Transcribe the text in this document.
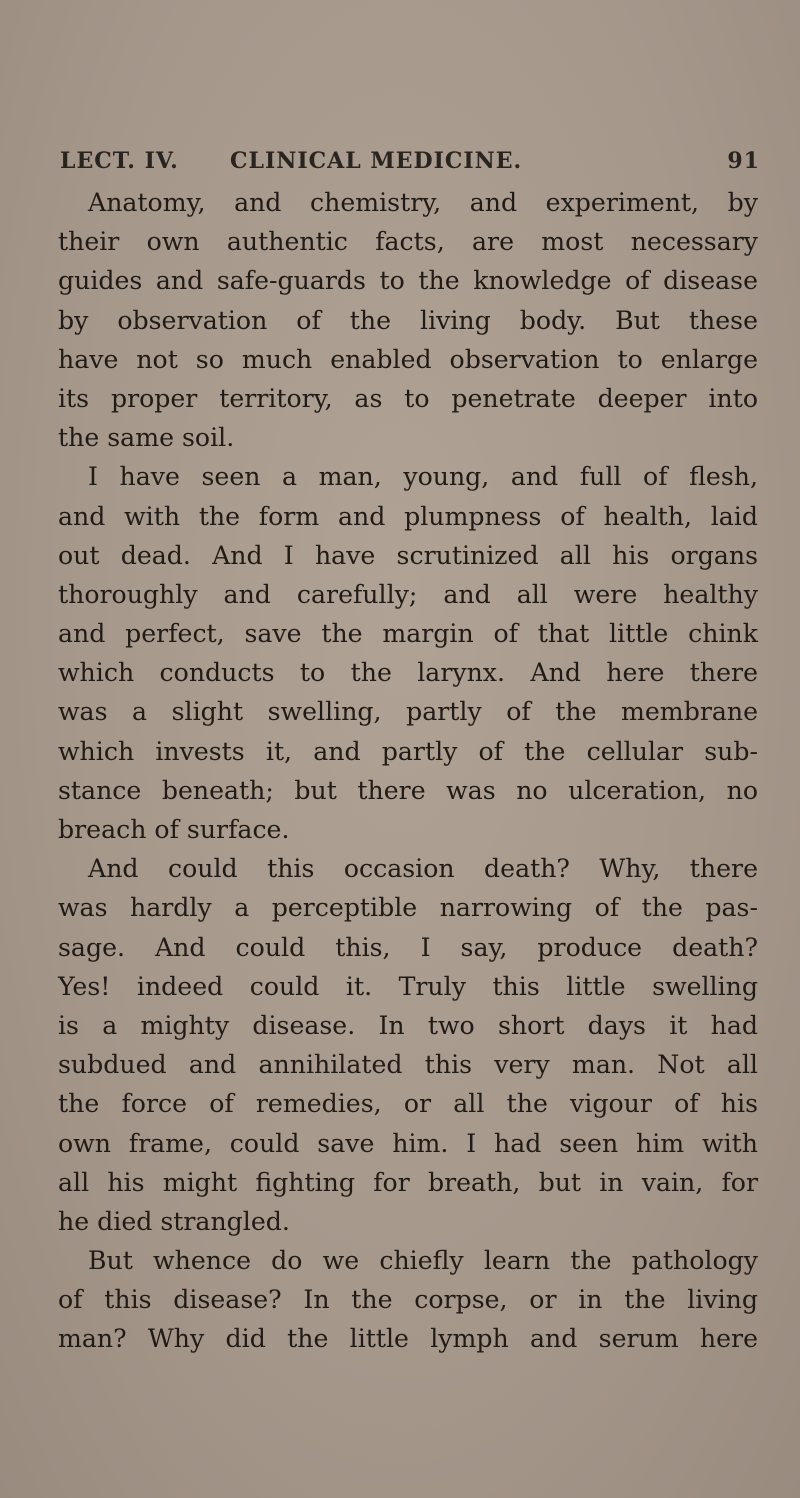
LECT. IV. CLINICAL MEDICINE.	91
Anatomy, and chemistry, and experiment, by
their own authentic facts, are most necessary
guides and safe-guards to the knowledge of disease
by observation of the living body. But these
have not so much enabled observation to enlarge
its proper territory, as to penetrate deeper into
the same soil.
I have seen a man, young, and full of flesh,
and with the form and plumpness of health, laid
out dead. And I have scrutinized all his organs
thoroughly and carefully; and all were healthy
and perfect, save the margin of that little chink
which conducts to the larynx. And here there
was a slight swelling, partly of the membrane
which invests it, and partly of the cellular sub-
stance beneath; but there was no ulceration, no
breach of surface.
And could this occasion death? Why, there
was hardly a perceptible narrowing of the pas-
sage. And could this, I say, produce death?
Yes! indeed could it. Truly this little swelling
is a mighty disease. In two short days it had
subdued and annihilated this very man. Not all
the force of remedies, or all the vigour of his
own frame, could save him. I had seen him with
all his might fighting for breath, but in vain, for
he died strangled.
But whence do we chiefly learn the pathology
of this disease? In the corpse, or in the living
man? Why did the little lymph and serum here
